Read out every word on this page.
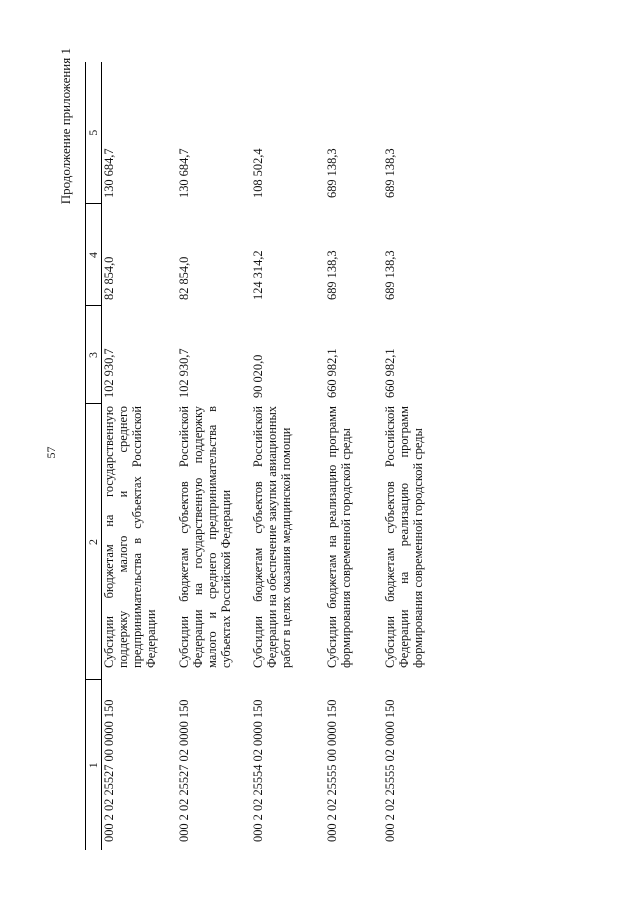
57
Продолжение приложения 1
1	2	3	4	5
000 2 02 25527 00 0000 150	Субсидии бюджетам на государственную поддержку малого и среднего предпринимательства в субъектах Российской Федерации	102 930,7	82 854,0	130 684,7
000 2 02 25527 02 0000 150	Субсидии бюджетам субъектов Российской Федерации на государственную поддержку малого и среднего предпринимательства в субъектах Российской Федерации	102 930,7	82 854,0	130 684,7
000 2 02 25554 02 0000 150	Субсидии бюджетам субъектов Российской Федерации на обеспечение закупки авиационных работ в целях оказания медицинской помощи	90 020,0	124 314,2	108 502,4
000 2 02 25555 00 0000 150	Субсидии бюджетам на реализацию программ формирования современной городской среды	660 982,1	689 138,3	689 138,3
000 2 02 25555 02 0000 150	Субсидии бюджетам субъектов Российской Федерации на реализацию программ формирования современной городской среды	660 982,1	689 138,3	689 138,3
